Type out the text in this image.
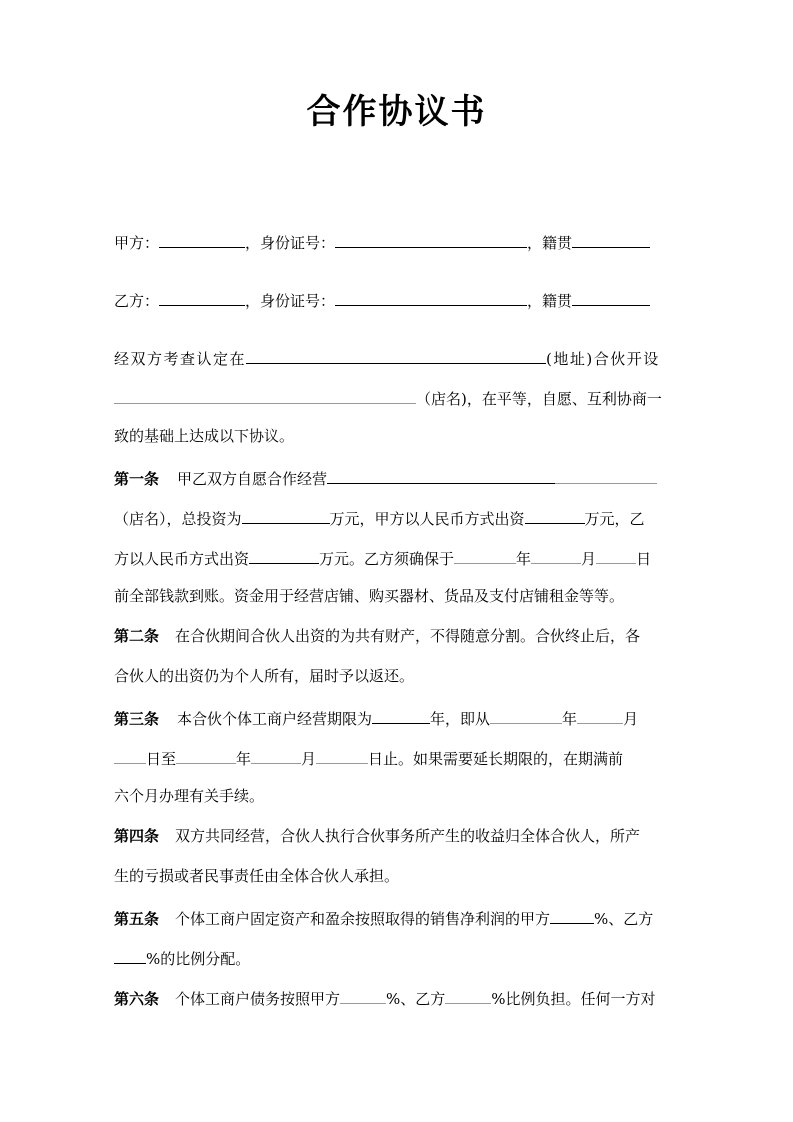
合作协议书
甲方：	，身份证号：	，籍贯
乙方：	，身份证号：	，籍贯
经双方考查认定在	(地址)合伙开设
（店名)，在平等，自愿、互利协商一
致的基础上达成以下协议。
第一条 甲乙双方自愿合作经营
（店名），总投资为	万元，甲方以人民币方式出资	万元，乙
方以人民币方式出资	万元。乙方须确保于	年	月	日
前全部钱款到账。资金用于经营店铺、购买器材、货品及支付店铺租金等等。
第二条 在合伙期间合伙人出资的为共有财产，不得随意分割。合伙终止后，各
合伙人的出资仍为个人所有，届时予以返还。
第三条 本合伙个体工商户经营期限为	年，即从	年	月
日至	年	月	日止。如果需要延长期限的，在期满前
六个月办理有关手续。
第四条 双方共同经营，合伙人执行合伙事务所产生的收益归全体合伙人，所产
生的亏损或者民事责任由全体合伙人承担。
第五条 个体工商户固定资产和盈余按照取得的销售净利润的甲方	%、乙方
%的比例分配。
第六条 个体工商户债务按照甲方	%、乙方	%比例负担。任何一方对
